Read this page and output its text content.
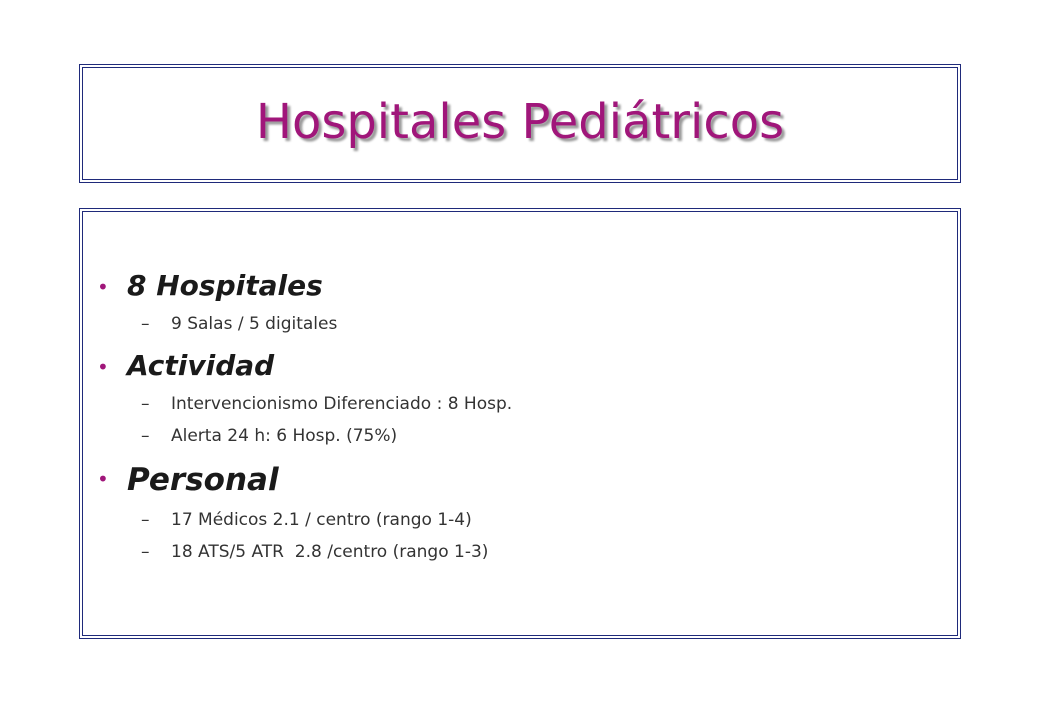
Hospitales Pediátricos
• 8 Hospitales
– 9 Salas / 5 digitales
• Actividad
– Intervencionismo Diferenciado : 8 Hosp.
– Alerta 24 h: 6 Hosp. (75%)
• Personal
– 17 Médicos 2.1 / centro (rango 1-4)
– 18 ATS/5 ATR  2.8 /centro (rango 1-3)
